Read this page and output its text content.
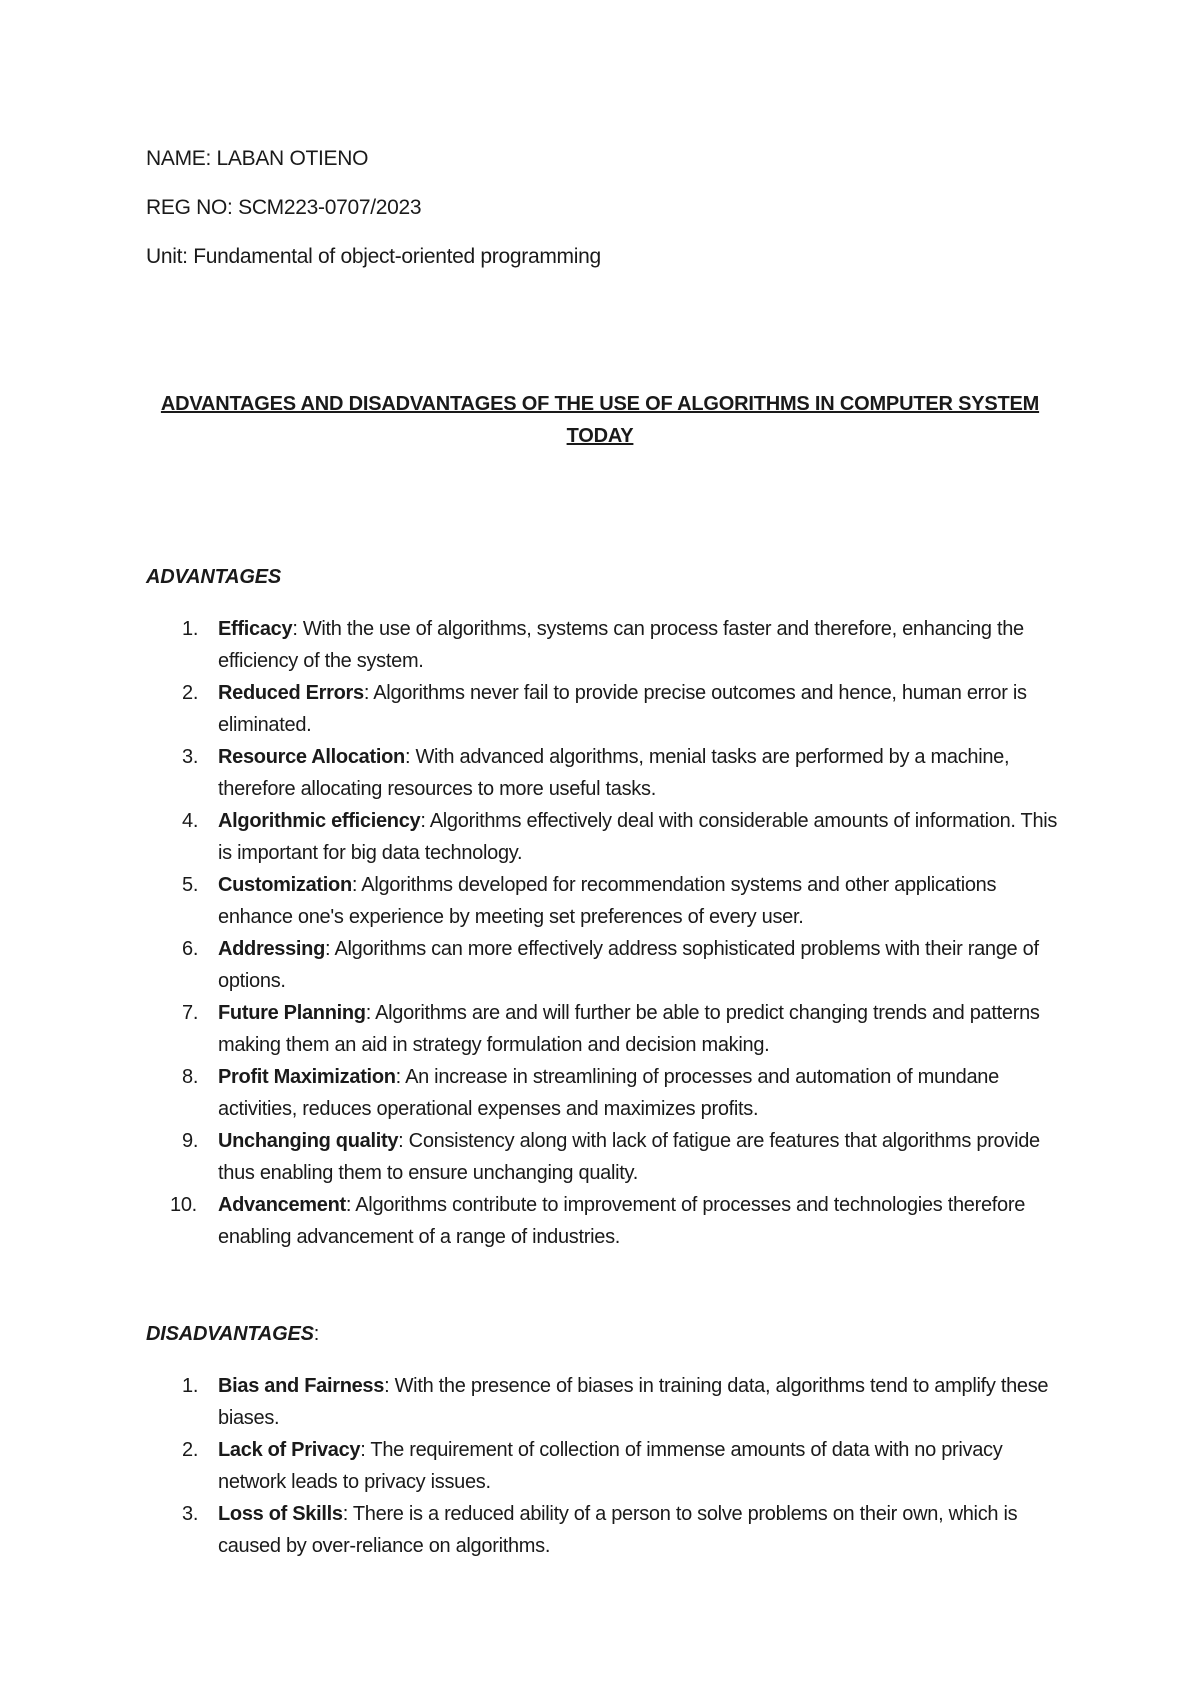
NAME: LABAN OTIENO
REG NO: SCM223-0707/2023
Unit: Fundamental of object-oriented programming
ADVANTAGES AND DISADVANTAGES OF THE USE OF ALGORITHMS IN COMPUTER SYSTEM TODAY
ADVANTAGES
1. Efficacy: With the use of algorithms, systems can process faster and therefore, enhancing the efficiency of the system.
2. Reduced Errors: Algorithms never fail to provide precise outcomes and hence, human error is eliminated.
3. Resource Allocation: With advanced algorithms, menial tasks are performed by a machine, therefore allocating resources to more useful tasks.
4. Algorithmic efficiency: Algorithms effectively deal with considerable amounts of information. This is important for big data technology.
5. Customization: Algorithms developed for recommendation systems and other applications enhance one's experience by meeting set preferences of every user.
6. Addressing: Algorithms can more effectively address sophisticated problems with their range of options.
7. Future Planning: Algorithms are and will further be able to predict changing trends and patterns making them an aid in strategy formulation and decision making.
8. Profit Maximization: An increase in streamlining of processes and automation of mundane activities, reduces operational expenses and maximizes profits.
9. Unchanging quality: Consistency along with lack of fatigue are features that algorithms provide thus enabling them to ensure unchanging quality.
10. Advancement: Algorithms contribute to improvement of processes and technologies therefore enabling advancement of a range of industries.
DISADVANTAGES:
1. Bias and Fairness: With the presence of biases in training data, algorithms tend to amplify these biases.
2. Lack of Privacy: The requirement of collection of immense amounts of data with no privacy network leads to privacy issues.
3. Loss of Skills: There is a reduced ability of a person to solve problems on their own, which is caused by over-reliance on algorithms.
